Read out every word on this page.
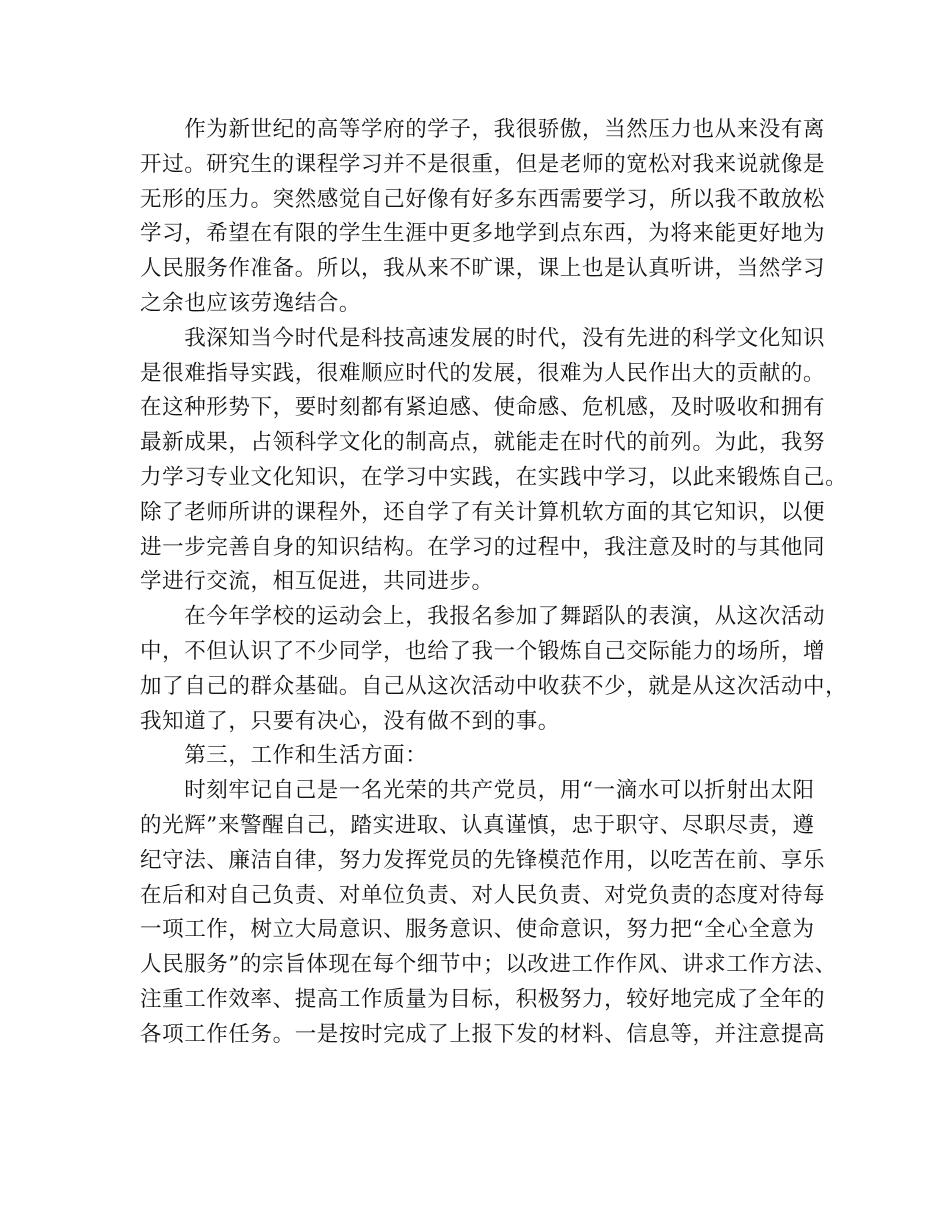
　　作为新世纪的高等学府的学子，我很骄傲，当然压力也从来没有离
开过。研究生的课程学习并不是很重，但是老师的宽松对我来说就像是
无形的压力。突然感觉自己好像有好多东西需要学习，所以我不敢放松
学习，希望在有限的学生生涯中更多地学到点东西，为将来能更好地为
人民服务作准备。所以，我从来不旷课，课上也是认真听讲，当然学习
之余也应该劳逸结合。
　　我深知当今时代是科技高速发展的时代，没有先进的科学文化知识
是很难指导实践，很难顺应时代的发展，很难为人民作出大的贡献的。
在这种形势下，要时刻都有紧迫感、使命感、危机感，及时吸收和拥有
最新成果，占领科学文化的制高点，就能走在时代的前列。为此，我努
力学习专业文化知识，在学习中实践，在实践中学习，以此来锻炼自己。
除了老师所讲的课程外，还自学了有关计算机软方面的其它知识，以便
进一步完善自身的知识结构。在学习的过程中，我注意及时的与其他同
学进行交流，相互促进，共同进步。
　　在今年学校的运动会上，我报名参加了舞蹈队的表演，从这次活动
中，不但认识了不少同学，也给了我一个锻炼自己交际能力的场所，增
加了自己的群众基础。自己从这次活动中收获不少，就是从这次活动中，
我知道了，只要有决心，没有做不到的事。
　　第三，工作和生活方面：
　　时刻牢记自己是一名光荣的共产党员，用“一滴水可以折射出太阳
的光辉”来警醒自己，踏实进取、认真谨慎，忠于职守、尽职尽责，遵
纪守法、廉洁自律，努力发挥党员的先锋模范作用，以吃苦在前、享乐
在后和对自己负责、对单位负责、对人民负责、对党负责的态度对待每
一项工作，树立大局意识、服务意识、使命意识，努力把“全心全意为
人民服务”的宗旨体现在每个细节中；以改进工作作风、讲求工作方法、
注重工作效率、提高工作质量为目标，积极努力，较好地完成了全年的
各项工作任务。一是按时完成了上报下发的材料、信息等，并注意提高
